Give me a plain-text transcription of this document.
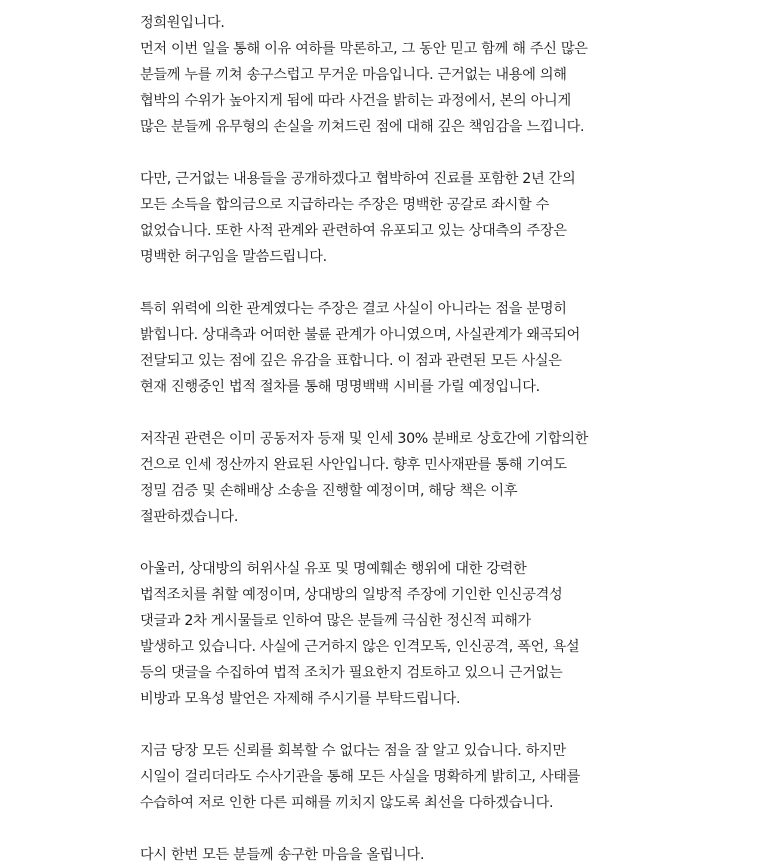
정희원입니다.
먼저 이번 일을 통해 이유 여하를 막론하고, 그 동안 믿고 함께 해 주신 많은
분들께 누를 끼쳐 송구스럽고 무거운 마음입니다. 근거없는 내용에 의해
협박의 수위가 높아지게 됨에 따라 사건을 밝히는 과정에서, 본의 아니게
많은 분들께 유무형의 손실을 끼쳐드린 점에 대해 깊은 책임감을 느낍니다.
다만, 근거없는 내용들을 공개하겠다고 협박하여 진료를 포함한 2년 간의
모든 소득을 합의금으로 지급하라는 주장은 명백한 공갈로 좌시할 수
없었습니다. 또한 사적 관계와 관련하여 유포되고 있는 상대측의 주장은
명백한 허구임을 말씀드립니다.
특히 위력에 의한 관계였다는 주장은 결코 사실이 아니라는 점을 분명히
밝힙니다. 상대측과 어떠한 불륜 관계가 아니였으며, 사실관계가 왜곡되어
전달되고 있는 점에 깊은 유감을 표합니다. 이 점과 관련된 모든 사실은
현재 진행중인 법적 절차를 통해 명명백백 시비를 가릴 예정입니다.
저작권 관련은 이미 공동저자 등재 및 인세 30% 분배로 상호간에 기합의한
건으로 인세 정산까지 완료된 사안입니다. 향후 민사재판를 통해 기여도
정밀 검증 및 손해배상 소송을 진행할 예정이며, 해당 책은 이후
절판하겠습니다.
아울러, 상대방의 허위사실 유포 및 명예훼손 행위에 대한 강력한
법적조치를 취할 예정이며, 상대방의 일방적 주장에 기인한 인신공격성
댓글과 2차 게시물들로 인하여 많은 분들께 극심한 정신적 피해가
발생하고 있습니다. 사실에 근거하지 않은 인격모독, 인신공격, 폭언, 욕설
등의 댓글을 수집하여 법적 조치가 필요한지 검토하고 있으니 근거없는
비방과 모욕성 발언은 자제해 주시기를 부탁드립니다.
지금 당장 모든 신뢰를 회복할 수 없다는 점을 잘 알고 있습니다. 하지만
시일이 걸리더라도 수사기관을 통해 모든 사실을 명확하게 밝히고, 사태를
수습하여 저로 인한 다른 피해를 끼치지 않도록 최선을 다하겠습니다.
다시 한번 모든 분들께 송구한 마음을 올립니다.
